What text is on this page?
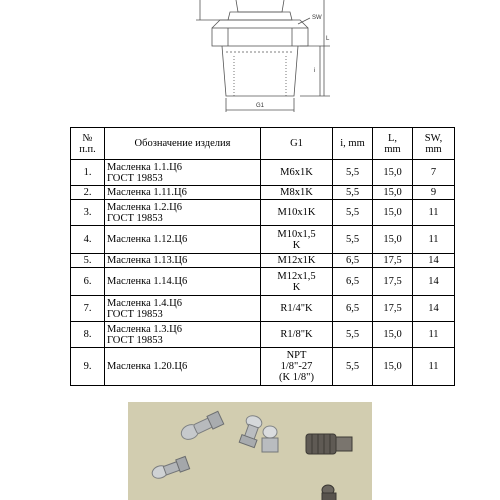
SW
G1
L
i
№
п.п.	Обозначение изделия	G1	i, mm	L,
mm	SW,
mm
1.	Масленка 1.1.Ц6
ГОСТ 19853	M6x1K	5,5	15,0	7
2.	Масленка 1.11.Ц6	M8x1K	5,5	15,0	9
3.	Масленка 1.2.Ц6
ГОСТ 19853	M10x1K	5,5	15,0	11
4.	Масленка 1.12.Ц6	M10x1,5
K	5,5	15,0	11
5.	Масленка 1.13.Ц6	M12x1K	6,5	17,5	14
6.	Масленка 1.14.Ц6	M12x1,5
K	6,5	17,5	14
7.	Масленка 1.4.Ц6
ГОСТ 19853	R1/4"K	6,5	17,5	14
8.	Масленка 1.3.Ц6
ГОСТ 19853	R1/8"K	5,5	15,0	11
9.	Масленка 1.20.Ц6	NPT
1/8"-27
(K 1/8")	5,5	15,0	11
